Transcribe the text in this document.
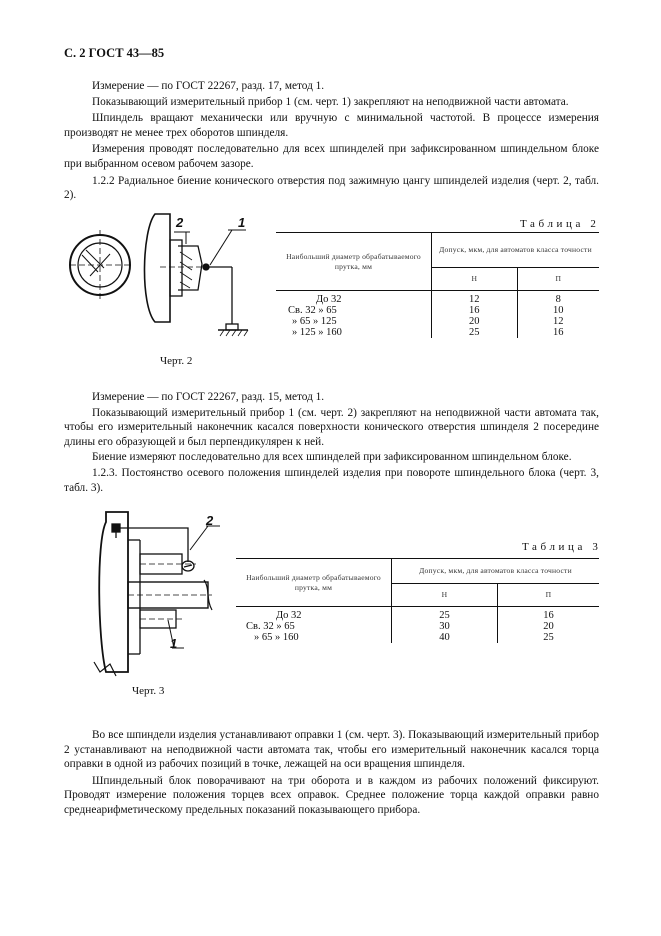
С. 2 ГОСТ 43—85
Измерение — по ГОСТ 22267, разд. 17, метод 1.
Показывающий измерительный прибор 1 (см. черт. 1) закрепляют на неподвижной части автомата.
Шпиндель вращают механически или вручную с минимальной частотой. В процессе измерения производят не менее трех оборотов шпинделя.
Измерения проводят последовательно для всех шпинделей при зафиксированном шпиндельном блоке при выбранном осевом рабочем зазоре.
1.2.2 Радиальное биение конического отверстия под зажимную цангу шпинделей изделия (черт. 2, табл. 2).
2	1
Черт. 2
Таблица 2
Наибольший диаметр обрабатываемого прутка, мм	Допуск, мкм, для автоматов класса точности	
	Н	П
До 32	12	8
Св. 32 » 65	16	10
» 65 » 125	20	12
» 125 » 160	25	16
Измерение — по ГОСТ 22267, разд. 15, метод 1.
Показывающий измерительный прибор 1 (см. черт. 2) закрепляют на неподвижной части автомата так, чтобы его измерительный наконечник касался поверхности конического отверстия шпинделя 2 посередине длины его образующей и был перпендикулярен к ней.
Биение измеряют последовательно для всех шпинделей при зафиксированном шпиндельном блоке.
1.2.3. Постоянство осевого положения шпинделей изделия при повороте шпиндельного блока (черт. 3, табл. 3).
2
1
Черт. 3
Таблица 3
Наибольший диаметр обрабатываемого прутка, мм	Допуск, мкм, для автоматов класса точности	
	Н	П
До 32	25	16
Св. 32 » 65	30	20
» 65 » 160	40	25
Во все шпиндели изделия устанавливают оправки 1 (см. черт. 3). Показывающий измерительный прибор 2 устанавливают на неподвижной части автомата так, чтобы его измерительный наконечник касался торца оправки в одной из рабочих позиций в точке, лежащей на оси вращения шпинделя.
Шпиндельный блок поворачивают на три оборота и в каждом из рабочих положений фиксируют. Проводят измерение положения торцев всех оправок. Среднее положение торца каждой оправки равно среднеарифметическому предельных показаний показывающего прибора.
